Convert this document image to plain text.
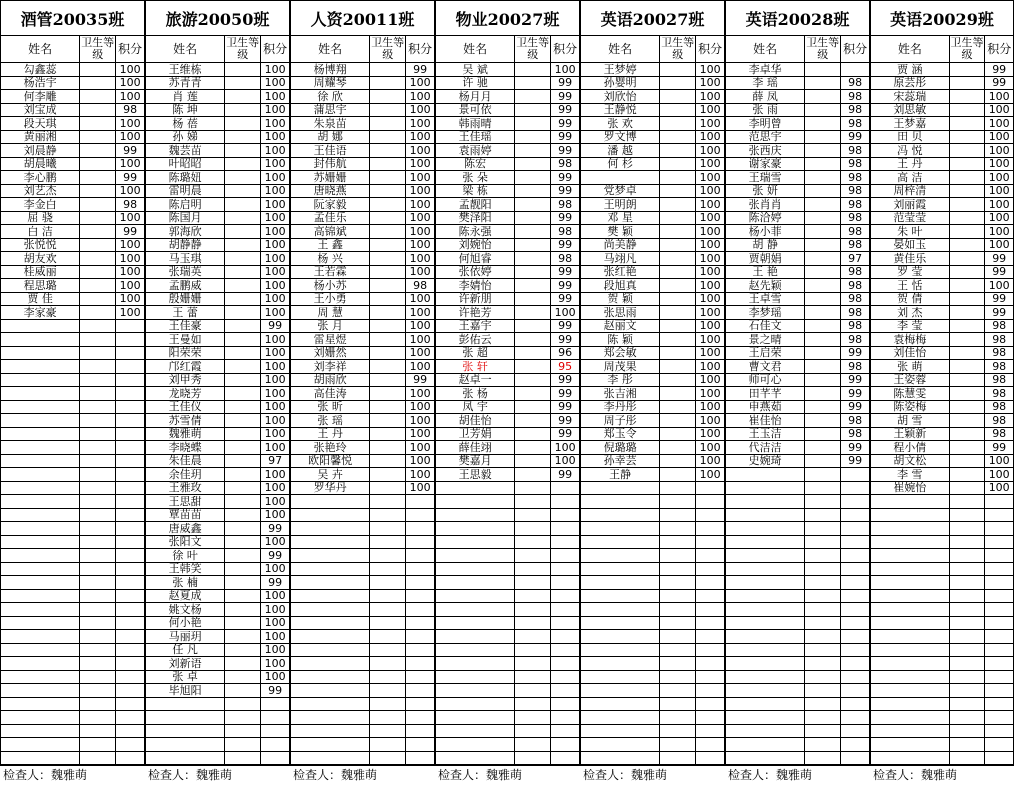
酒管20035班		
姓名	卫生等级	积分
勾鑫蕊		100
杨浩宇		100
何李雕		100
刘宝成		98
段天琪		100
黄丽湘		100
刘晨静		99
胡晨曦		100
李心鹏		99
刘艺杰		100
李金白		98
屈 骁		100
白 洁		99
张悦悦		100
胡友欢		100
桂威丽		100
程思璐		100
贾 佳		100
李家豪		100

检查人：魏雅萌
旅游20050班		
姓名	卫生等级	积分
王维栋		100
苏青青		100
肖 莲		100
陈 坤		100
杨 蓓		100
孙 娣		100
魏芸苗		100
叶昭昭		100
陈璐妞		100
雷明晨		100
陈启明		100
陈国月		100
郭海欣		100
胡静静		100
马玉琪		100
张瑞英		100
孟鹏威		100
殷姗姗		100
王 蕾		100
王佳豪		99
王曼如		100
阳荣荣		100
邝红霞		100
刘甲秀		100
龙晓芳		100
王佳仪		100
苏雪倩		100
魏雅萌		100
李晓蝶		100
朱佳晨		97
余佳玥		100
王雅玫		100
王思甜		100
覃苗苗		100
唐威鑫		99
张阳文		100
徐 叶		99
王韩笑		100
张 楠		99
赵夏成		100
姚文杨		100
何小艳		100
马丽玥		100
任 凡		100
刘新语		100
张 卓		100
毕旭阳		99

检查人：魏雅萌
人资20011班		
姓名	卫生等级	积分
杨博翔		99
周耀琴		100
徐 欣		100
蒲思宇		100
朱泉苗		100
胡 娜		100
王佳语		100
封伟航		100
苏姗姗		100
唐晓燕		100
阮家毅		100
孟佳乐		100
高锦斌		100
王 鑫		100
杨 兴		100
王若霖		100
杨小苏		98
王小勇		100
周 慧		100
张 月		100
雷星煜		100
刘姗然		100
刘李祥		100
胡雨欣		99
高佳涛		100
张 昕		100
张 瑶		100
王 丹		100
张艳玲		100
欧阳馨悦		100
吴 卉		100
罗华丹		100

检查人：魏雅萌
物业20027班		
姓名	卫生等级	积分
吴 斌		100
许 驰		99
杨月月		99
景可依		99
韩雨晴		99
王佳瑶		99
袁雨婷		99
陈宏		98
张 朵		99
梁 栋		99
孟靓阳		98
樊泽阳		99
陈永强		98
刘婉怡		99
何旭睿		98
张依婷		99
李婧怡		99
许新朋		99
许艳芳		100
王嘉宇		99
彭佑云		99
张 超		96
张 轩		95
赵卓一		99
张 杨		99
凤 宇		99
胡佳怡		99
卫芳娟		99
薛佳翊		100
樊嘉月		100
王思毅		99

检查人：魏雅萌
英语20027班		
姓名	卫生等级	积分
王梦婷		100
孙婴明		100
刘欣怡		100
王静悦		100
张 欢		100
罗文博		100
潘 越		100
何 杉		100
		100
党梦卓		100
王明朗		100
邓 星		100
樊 颖		100
尚美静		100
马翊凡		100
张红艳		100
段旭真		100
贺 颖		100
张思雨		100
赵丽文		100
陈 颖		100
郑会敏		100
周茂果		100
李 彤		100
张吉湘		100
李丹彤		100
周子彤		100
郑玉令		100
倪璐璐		100
孙幸芸		100
王静		100

检查人：魏雅萌
英语20028班		
姓名	卫生等级	积分
李卓华		
李 瑶		98
薛 凤		98
张 雨		98
李明曾		98
范思宇		99
张西庆		98
谢家豪		98
王瑞雪		98
张 妍		98
张肖肖		98
陈洽婷		98
杨小菲		98
胡 静		98
贾朝娟		97
王 艳		98
赵先颖		98
王卓雪		98
李梦瑶		98
石佳文		98
景之晴		98
王启荣		99
曹文君		98
师可心		99
田芊芊		99
申燕茹		99
崔佳怡		98
王玉洁		98
代洁洁		99
史婉琦		99

检查人：魏雅萌
英语20029班		
姓名	卫生等级	积分
贾 涵		99
原芸彤		99
宋蕊瑞		100
刘思敏		100
王梦嘉		100
田 贝		100
冯 悦		100
王 丹		100
高 洁		100
周梓清		100
刘丽霞		100
范莹莹		100
朱 叶		100
晏如玉		100
黄佳乐		99
罗 莹		99
王 恬		100
贺 倩		99
刘 杰		99
李 莹		98
袁梅梅		98
刘佳怡		98
张 萌		98
王姿蓉		98
陈慧雯		98
陈姿梅		98
胡 雪		98
王颖新		98
程小倩		99
胡文松		100
李 雪		100
崔婉怡		100

检查人：魏雅萌
